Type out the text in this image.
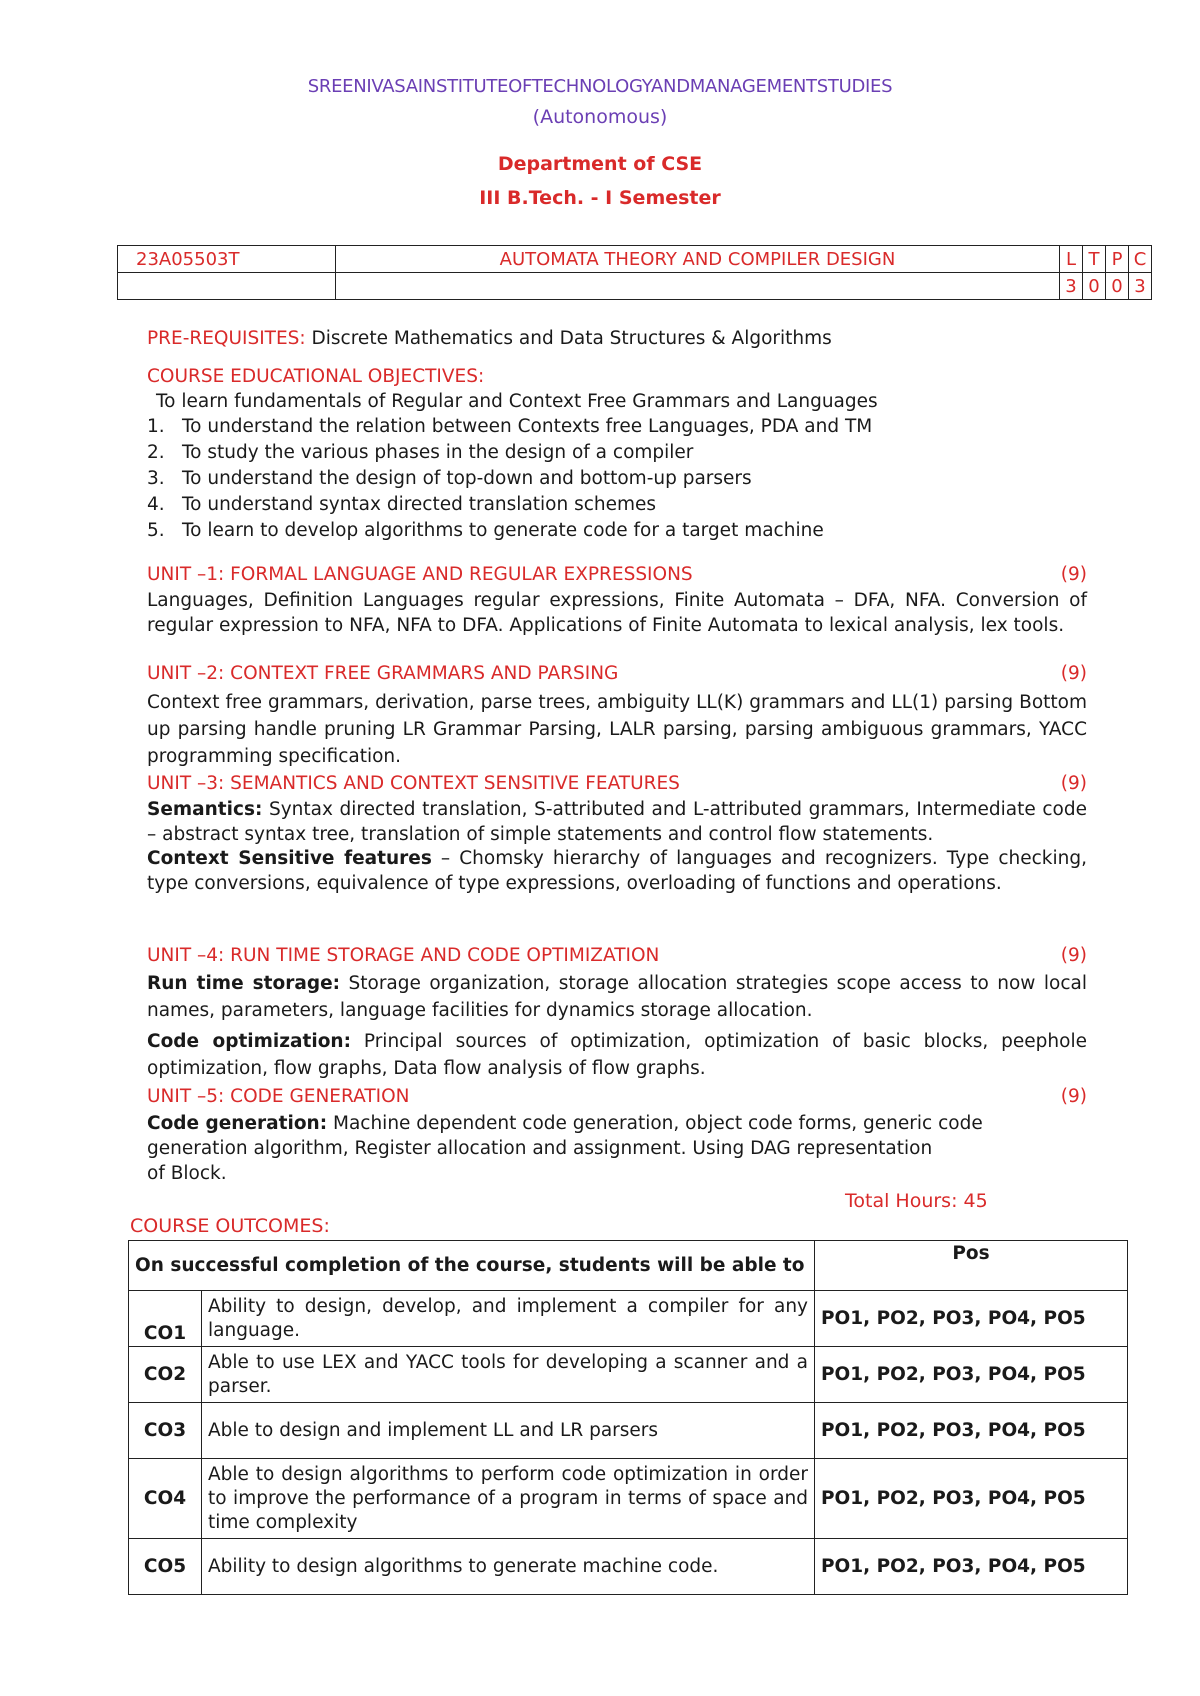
SREENIVASAINSTITUTEOFTECHNOLOGYANDMANAGEMENTSTUDIES
(Autonomous)
Department of CSE
III B.Tech. - I Semester
23A05503T	AUTOMATA THEORY AND COMPILER DESIGN	L	T	P	C
		3	0	0	3
PRE-REQUISITES: Discrete Mathematics and Data Structures & Algorithms
COURSE EDUCATIONAL OBJECTIVES:
To learn fundamentals of Regular and Context Free Grammars and Languages
1. To understand the relation between Contexts free Languages, PDA and TM
2. To study the various phases in the design of a compiler
3. To understand the design of top-down and bottom-up parsers
4. To understand syntax directed translation schemes
5. To learn to develop algorithms to generate code for a target machine
UNIT –1: FORMAL LANGUAGE AND REGULAR EXPRESSIONS	(9)
Languages, Definition Languages regular expressions, Finite Automata – DFA, NFA. Conversion of regular expression to NFA, NFA to DFA. Applications of Finite Automata to lexical analysis, lex tools.
UNIT –2: CONTEXT FREE GRAMMARS AND PARSING	(9)
Context free grammars, derivation, parse trees, ambiguity LL(K) grammars and LL(1) parsing Bottom up parsing handle pruning LR Grammar Parsing, LALR parsing, parsing ambiguous grammars, YACC programming specification.
UNIT –3: SEMANTICS AND CONTEXT SENSITIVE FEATURES	(9)
Semantics: Syntax directed translation, S-attributed and L-attributed grammars, Intermediate code – abstract syntax tree, translation of simple statements and control flow statements.
Context Sensitive features – Chomsky hierarchy of languages and recognizers. Type checking, type conversions, equivalence of type expressions, overloading of functions and operations.
UNIT –4: RUN TIME STORAGE AND CODE OPTIMIZATION	(9)
Run time storage: Storage organization, storage allocation strategies scope access to now local names, parameters, language facilities for dynamics storage allocation.
Code optimization: Principal sources of optimization, optimization of basic blocks, peephole optimization, flow graphs, Data flow analysis of flow graphs.
UNIT –5: CODE GENERATION	(9)
Code generation: Machine dependent code generation, object code forms, generic code
generation algorithm, Register allocation and assignment. Using DAG representation
of Block.
Total Hours: 45
COURSE OUTCOMES:
On successful completion of the course, students will be able to		Pos
CO1	Ability to design, develop, and implement a compiler for any language.	PO1, PO2, PO3, PO4, PO5
CO2	Able to use LEX and YACC tools for developing a scanner and a parser.	PO1, PO2, PO3, PO4, PO5
CO3	Able to design and implement LL and LR parsers	PO1, PO2, PO3, PO4, PO5
CO4	Able to design algorithms to perform code optimization in order to improve the performance of a program in terms of space and time complexity	PO1, PO2, PO3, PO4, PO5
CO5	Ability to design algorithms to generate machine code.	PO1, PO2, PO3, PO4, PO5
